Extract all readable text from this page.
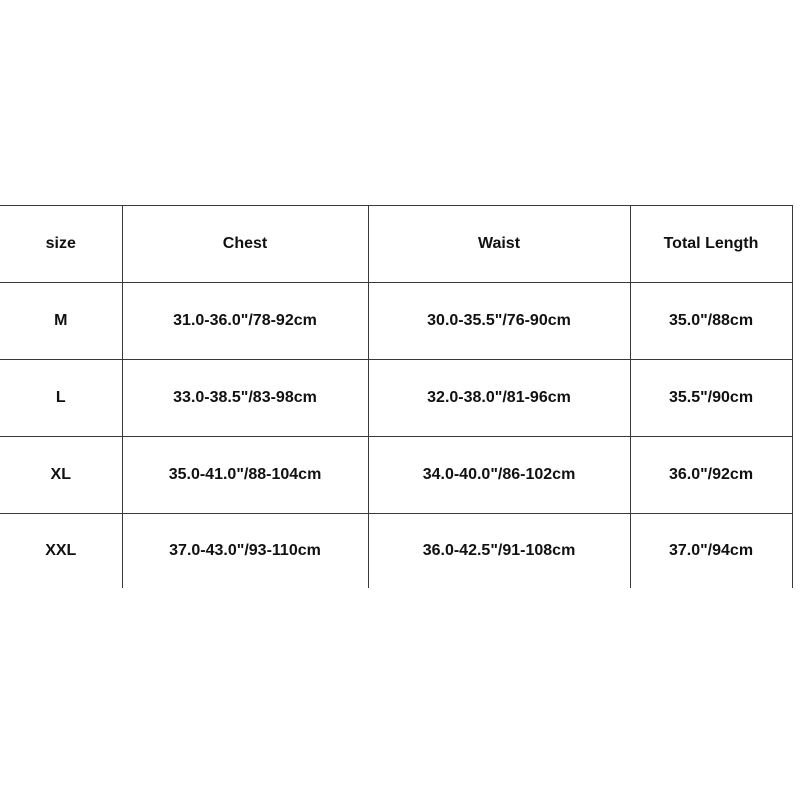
size	Chest	Waist	Total Length
M	31.0-36.0"/78-92cm	30.0-35.5"/76-90cm	35.0"/88cm
L	33.0-38.5"/83-98cm	32.0-38.0"/81-96cm	35.5"/90cm
XL	35.0-41.0"/88-104cm	34.0-40.0"/86-102cm	36.0"/92cm
XXL	37.0-43.0"/93-110cm	36.0-42.5"/91-108cm	37.0"/94cm
